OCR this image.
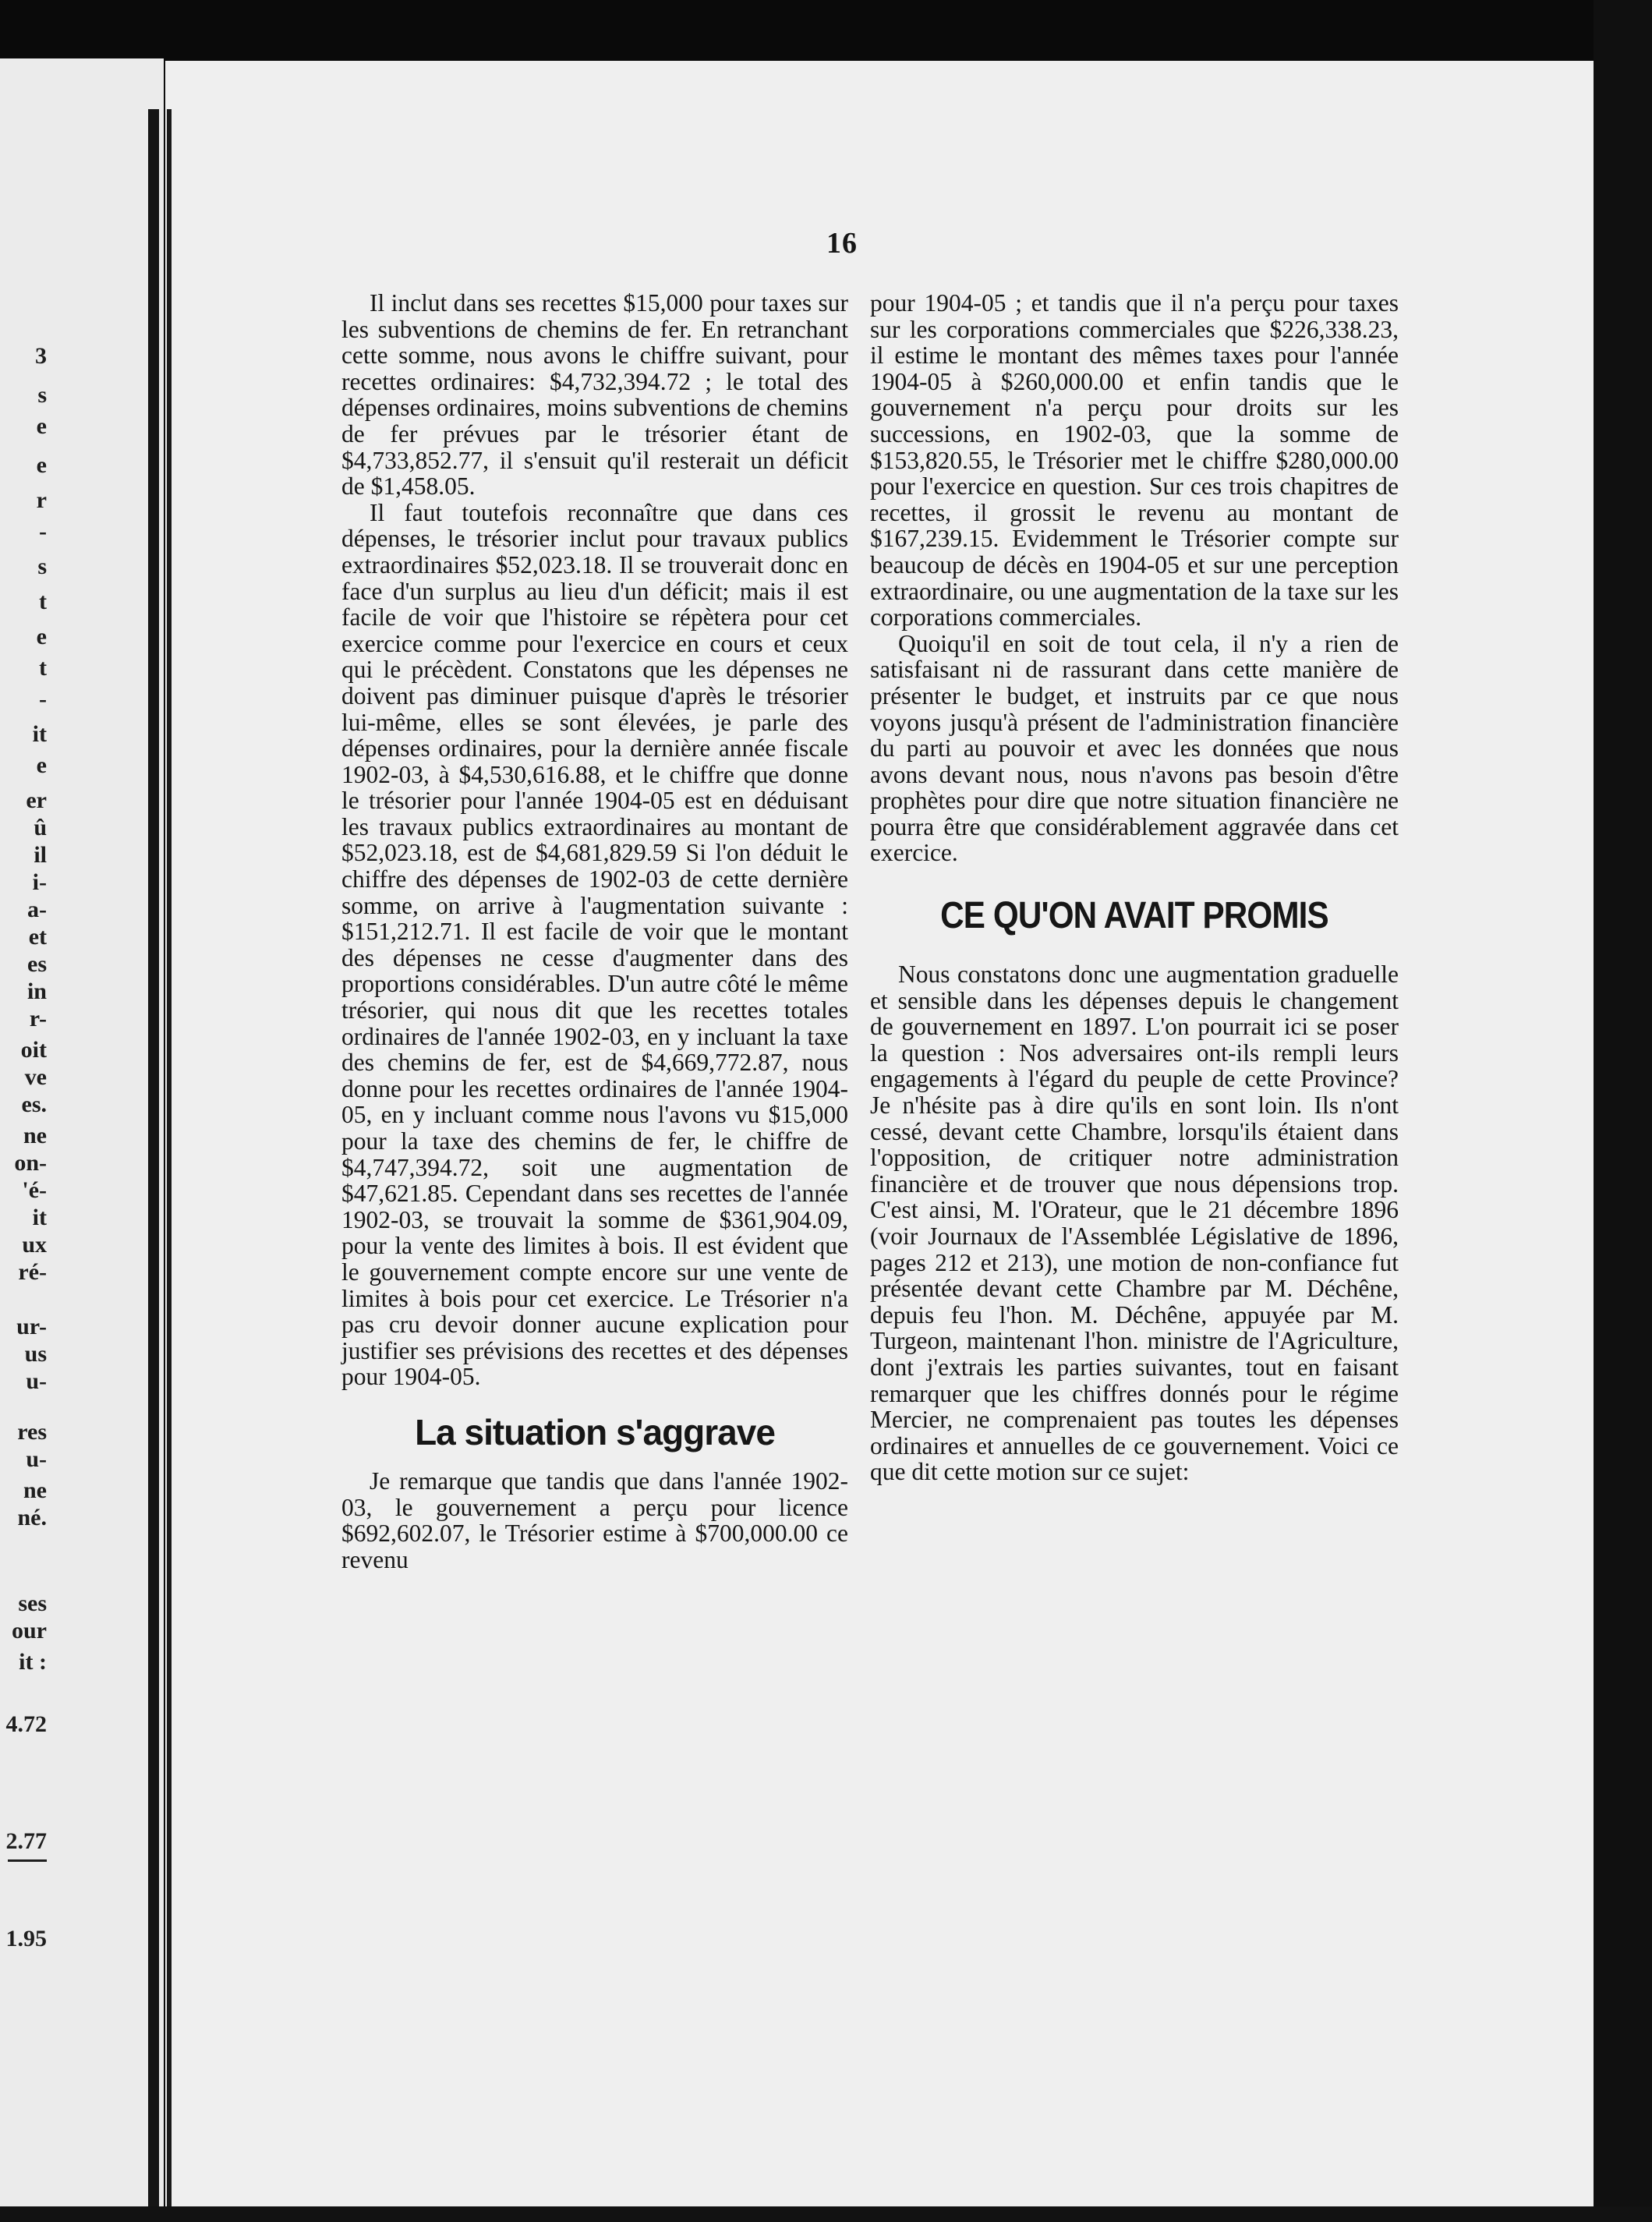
3
s
e
e
r
-
s
t
e
t
-
it
e
er
û
il
i-
a-
et
es
in
r-
oit
ve
es.
ne
on-
'é-
it
ux
ré-
ur-
us
u-
res
u-
ne
né.
ses
our
it :
4.72
2.77
1.95
16

Il inclut dans ses recettes $15,000 pour taxes sur les subventions de chemins de fer. En retranchant cette somme, nous avons le chiffre suivant, pour recettes ordinaires: $4,732,394.72 ; le total des dépenses ordinaires, moins subventions de chemins de fer prévues par le trésorier étant de $4,733,852.77, il s'ensuit qu'il resterait un déficit de $1,458.05.

Il faut toutefois reconnaître que dans ces dépenses, le trésorier inclut pour travaux publics extraordinaires $52,023.18. Il se trouverait donc en face d'un surplus au lieu d'un déficit; mais il est facile de voir que l'histoire se répètera pour cet exercice comme pour l'exercice en cours et ceux qui le précèdent. Constatons que les dépenses ne doivent pas diminuer puisque d'après le trésorier lui-même, elles se sont élevées, je parle des dépenses ordinaires, pour la dernière année fiscale 1902-03, à $4,530,616.88, et le chiffre que donne le trésorier pour l'année 1904-05 est en déduisant les travaux publics extraordinaires au montant de $52,023.18, est de $4,681,829.59 Si l'on déduit le chiffre des dépenses de 1902-03 de cette dernière somme, on arrive à l'augmentation suivante : $151,212.71. Il est facile de voir que le montant des dépenses ne cesse d'augmenter dans des proportions considérables. D'un autre côté le même trésorier, qui nous dit que les recettes totales ordinaires de l'année 1902-03, en y incluant la taxe des chemins de fer, est de $4,669,772.87, nous donne pour les recettes ordinaires de l'année 1904-05, en y incluant comme nous l'avons vu $15,000 pour la taxe des chemins de fer, le chiffre de $4,747,394.72, soit une augmentation de $47,621.85. Cependant dans ses recettes de l'année 1902-03, se trouvait la somme de $361,904.09, pour la vente des limites à bois. Il est évident que le gouvernement compte encore sur une vente de limites à bois pour cet exercice. Le Trésorier n'a pas cru devoir donner aucune explication pour justifier ses prévisions des recettes et des dépenses pour 1904-05.

La situation s'aggrave

Je remarque que tandis que dans l'année 1902-03, le gouvernement a perçu pour licence $692,602.07, le Trésorier estime à $700,000.00 ce revenu

pour 1904-05 ; et tandis que il n'a perçu pour taxes sur les corporations commerciales que $226,338.23, il estime le montant des mêmes taxes pour l'année 1904-05 à $260,000.00 et enfin tandis que le gouvernement n'a perçu pour droits sur les successions, en 1902-03, que la somme de $153,820.55, le Trésorier met le chiffre $280,000.00 pour l'exercice en question. Sur ces trois chapitres de recettes, il grossit le revenu au montant de $167,239.15. Evidemment le Trésorier compte sur beaucoup de décès en 1904-05 et sur une perception extraordinaire, ou une augmentation de la taxe sur les corporations commerciales.

Quoiqu'il en soit de tout cela, il n'y a rien de satisfaisant ni de rassurant dans cette manière de présenter le budget, et instruits par ce que nous voyons jusqu'à présent de l'administration financière du parti au pouvoir et avec les données que nous avons devant nous, nous n'avons pas besoin d'être prophètes pour dire que notre situation financière ne pourra être que considérablement aggravée dans cet exercice.

CE QU'ON AVAIT PROMIS

Nous constatons donc une augmentation graduelle et sensible dans les dépenses depuis le changement de gouvernement en 1897. L'on pourrait ici se poser la question : Nos adversaires ont-ils rempli leurs engagements à l'égard du peuple de cette Province? Je n'hésite pas à dire qu'ils en sont loin. Ils n'ont cessé, devant cette Chambre, lorsqu'ils étaient dans l'opposition, de critiquer notre administration financière et de trouver que nous dépensions trop. C'est ainsi, M. l'Orateur, que le 21 décembre 1896 (voir Journaux de l'Assemblée Législative de 1896, pages 212 et 213), une motion de non-confiance fut présentée devant cette Chambre par M. Déchêne, depuis feu l'hon. M. Déchêne, appuyée par M. Turgeon, maintenant l'hon. ministre de l'Agriculture, dont j'extrais les parties suivantes, tout en faisant remarquer que les chiffres donnés pour le régime Mercier, ne comprenaient pas toutes les dépenses ordinaires et annuelles de ce gouvernement. Voici ce que dit cette motion sur ce sujet:
